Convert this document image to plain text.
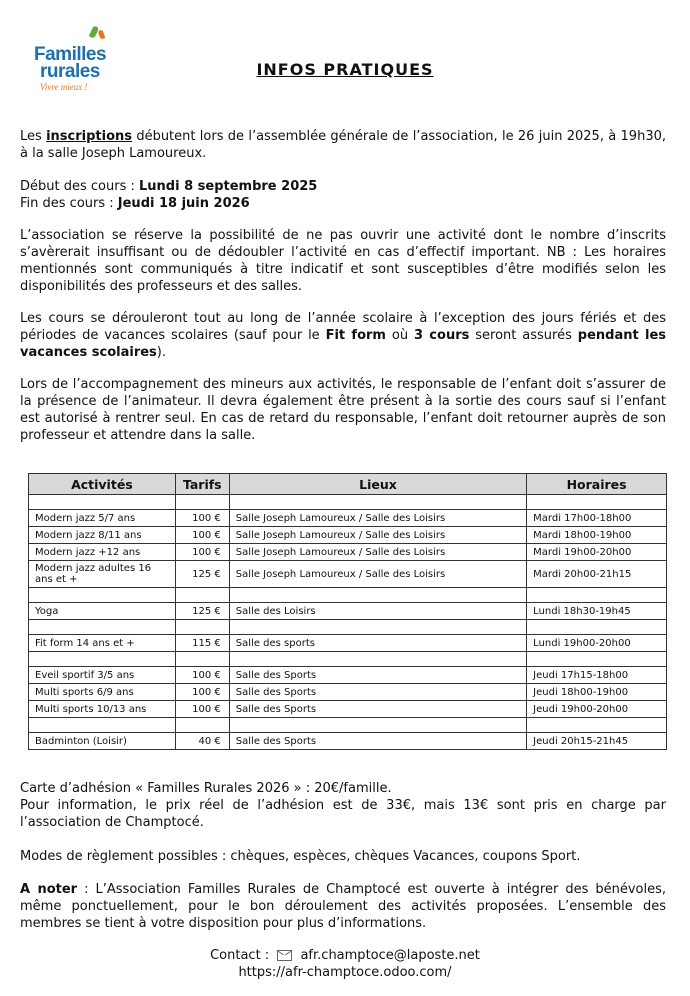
Familles
rurales
Vivre mieux !
INFOS PRATIQUES
Les inscriptions débutent lors de l’assemblée générale de l’association, le 26 juin 2025, à 19h30, à la salle Joseph Lamoureux.
Début des cours : Lundi 8 septembre 2025
Fin des cours : Jeudi 18 juin 2026
L’association se réserve la possibilité de ne pas ouvrir une activité dont le nombre d’inscrits s’avèrerait insuffisant ou de dédoubler l’activité en cas d’effectif important. NB : Les horaires mentionnés sont communiqués à titre indicatif et sont susceptibles d’être modifiés selon les disponibilités des professeurs et des salles.
Les cours se dérouleront tout au long de l’année scolaire à l’exception des jours fériés et des périodes de vacances scolaires (sauf pour le Fit form où 3 cours seront assurés pendant les vacances scolaires).
Lors de l’accompagnement des mineurs aux activités, le responsable de l’enfant doit s’assurer de la présence de l’animateur. Il devra également être présent à la sortie des cours sauf si l’enfant est autorisé à rentrer seul. En cas de retard du responsable, l’enfant doit retourner auprès de son professeur et attendre dans la salle.
Activités	Tarifs	Lieux	Horaires

Modern jazz 5/7 ans	100 €	Salle Joseph Lamoureux / Salle des Loisirs	Mardi 17h00-18h00
Modern jazz 8/11 ans	100 €	Salle Joseph Lamoureux / Salle des Loisirs	Mardi 18h00-19h00
Modern jazz +12 ans	100 €	Salle Joseph Lamoureux / Salle des Loisirs	Mardi 19h00-20h00
Modern jazz adultes 16 ans et +	125 €	Salle Joseph Lamoureux / Salle des Loisirs	Mardi 20h00-21h15

Yoga	125 €	Salle des Loisirs	Lundi 18h30-19h45

Fit form 14 ans et +	115 €	Salle des sports	Lundi 19h00-20h00

Eveil sportif 3/5 ans	100 €	Salle des Sports	Jeudi 17h15-18h00
Multi sports 6/9 ans	100 €	Salle des Sports	Jeudi 18h00-19h00
Multi sports 10/13 ans	100 €	Salle des Sports	Jeudi 19h00-20h00

Badminton (Loisir)	40 €	Salle des Sports	Jeudi 20h15-21h45
Carte d’adhésion « Familles Rurales 2026 » : 20€/famille.
Pour information, le prix réel de l’adhésion est de 33€, mais 13€ sont pris en charge par l’association de Champtocé.
Modes de règlement possibles : chèques, espèces, chèques Vacances, coupons Sport.
A noter : L’Association Familles Rurales de Champtocé est ouverte à intégrer des bénévoles, même ponctuellement, pour le bon déroulement des activités proposées. L’ensemble des membres se tient à votre disposition pour plus d’informations.
Contact :  afr.champtoce@laposte.net
https://afr-champtoce.odoo.com/
